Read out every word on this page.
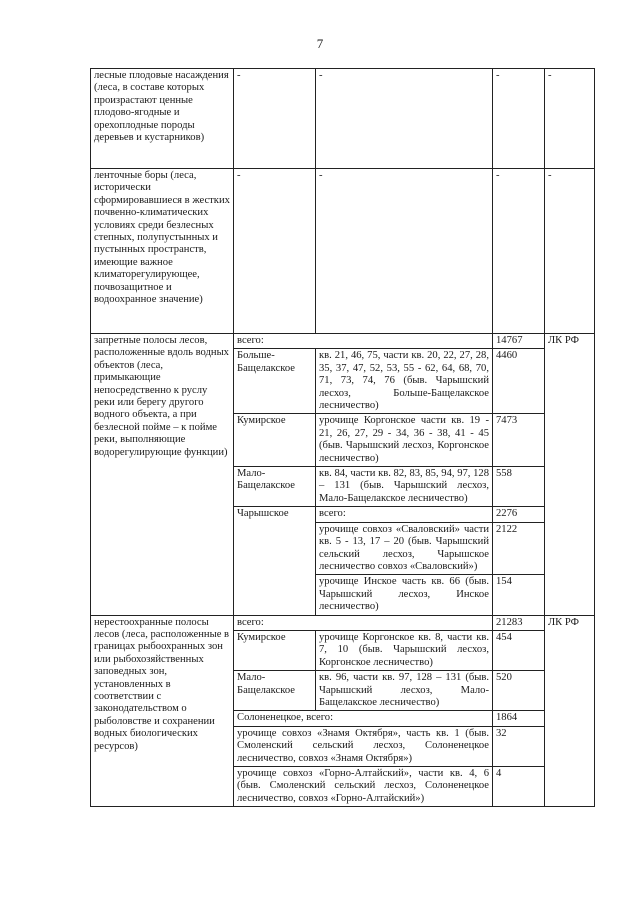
7
лесные плодовые насаждения (леса, в составе которых произрастают ценные плодово-ягодные и орехоплодные породы деревьев и кустарников)	-	-	-	-
ленточные боры (леса, исторически сформировавшиеся в жестких почвенно-климатических условиях среди безлесных степных, полупустынных и пустынных пространств, имеющие важное климаторегулирующее, почвозащитное и водоохранное значение)	-	-	-	-
запретные полосы лесов, расположенные вдоль водных объектов (леса, примыкающие непосредственно к руслу реки или берегу другого водного объекта, а при безлесной пойме – к пойме реки, выполняющие водорегулирующие функции)	всего:		14767	ЛК РФ
	Больше-Бащелакское	кв. 21, 46, 75, части кв. 20, 22, 27, 28, 35, 37, 47, 52, 53, 55 - 62, 64, 68, 70, 71, 73, 74, 76 (быв. Чарышский лесхоз, Больше-Бащелакское лесничество)	4460	
	Кумирское	урочище Коргонское части кв. 19 - 21, 26, 27, 29 - 34, 36 - 38, 41 - 45 (быв. Чарышский лесхоз, Коргонское лесничество)	7473	
	Мало-Бащелакское	кв. 84, части кв. 82, 83, 85, 94, 97, 128 – 131 (быв. Чарышский лесхоз, Мало-Бащелакское лесничество)	558	
	Чарышское	всего:	2276	
		урочище совхоз «Сваловский» части кв. 5 - 13, 17 – 20 (быв. Чарышский сельский лесхоз, Чарышское лесничество совхоз «Сваловский»)	2122	
		урочище Инское часть кв. 66 (быв. Чарышский лесхоз, Инское лесничество)	154	
нерестоохранные полосы лесов (леса, расположенные в границах рыбоохранных зон или рыбохозяйственных заповедных зон, установленных в соответствии с законодательством о рыболовстве и сохранении водных биологических ресурсов)	всего:		21283	ЛК РФ
	Кумирское	урочище Коргонское кв. 8, части кв. 7, 10 (быв. Чарышский лесхоз, Коргонское лесничество)	454	
	Мало-Бащелакское	кв. 96, части кв. 97, 128 – 131 (быв. Чарышский лесхоз, Мало-Бащелакское лесничество)	520	
	Солоненецкое, всего:		1864	
	урочище совхоз «Знамя Октября», часть кв. 1 (быв. Смоленский сельский лесхоз, Солоненецкое лесничество, совхоз «Знамя Октября»)		32	
	урочище совхоз «Горно-Алтайский», части кв. 4, 6 (быв. Смоленский сельский лесхоз, Солоненецкое лесничество, совхоз «Горно-Алтайский»)		4	
